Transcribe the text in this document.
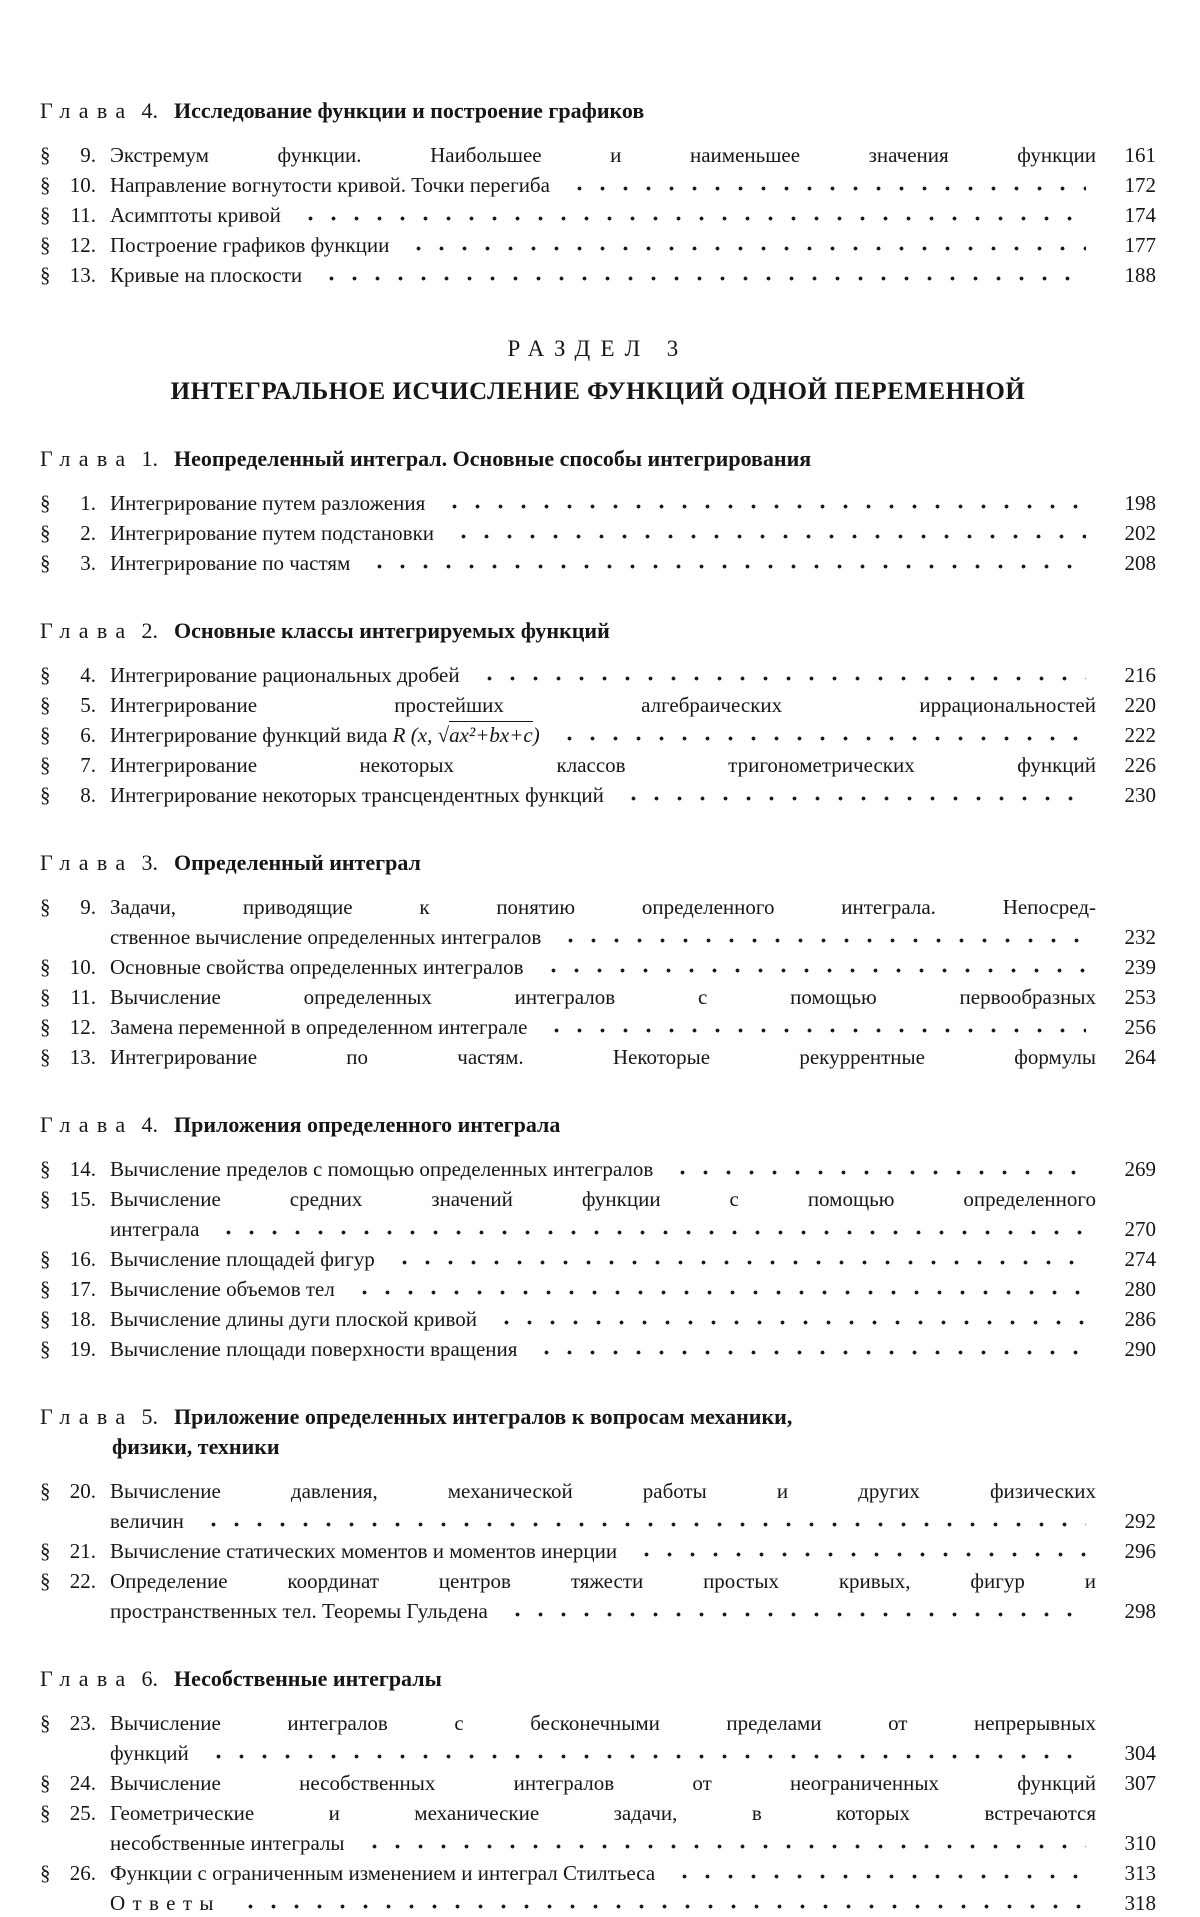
Глава 4. Исследование функции и построение графиков
§	9. Экстремум функции. Наибольшее и наименьшее значения функции	161
§ 10. Направление вогнутости кривой. Точки перегиба	172
§ 11. Асимптоты кривой	174
§ 12. Построение графиков функции	177
§ 13. Кривые на плоскости	188
РАЗДЕЛ 3
ИНТЕГРАЛЬНОЕ ИСЧИСЛЕНИЕ ФУНКЦИЙ ОДНОЙ ПЕРЕМЕННОЙ
Глава 1. Неопределенный интеграл. Основные способы интегрирования
§	1. Интегрирование путем разложения	198
§	2. Интегрирование путем подстановки	202
§	3. Интегрирование по частям	208
Глава 2. Основные классы интегрируемых функций
§	4. Интегрирование рациональных дробей	216
§	5. Интегрирование простейших алгебраических иррациональностей	220
§	6. Интегрирование функций вида R (x, √ax²+bx+c)	222
§	7. Интегрирование некоторых классов тригонометрических функций	226
§	8. Интегрирование некоторых трансцендентных функций	230
Глава 3. Определенный интеграл
§	9. Задачи, приводящие к понятию определенного интеграла. Непосред-
ственное вычисление определенных интегралов	232
§ 10. Основные свойства определенных интегралов	239
§ 11. Вычисление определенных интегралов с помощью первообразных	253
§ 12. Замена переменной в определенном интеграле	256
§ 13. Интегрирование по частям. Некоторые рекуррентные формулы	264
Глава 4. Приложения определенного интеграла
§ 14. Вычисление пределов с помощью определенных интегралов	269
§ 15. Вычисление средних значений функции с помощью определенного
интеграла	270
§ 16. Вычисление площадей фигур	274
§ 17. Вычисление объемов тел	280
§ 18. Вычисление длины дуги плоской кривой	286
§ 19. Вычисление площади поверхности вращения	290
Глава 5. Приложение определенных интегралов к вопросам механики,
физики, техники
§ 20. Вычисление давления, механической работы и других физических
величин	292
§ 21. Вычисление статических моментов и моментов инерции	296
§ 22. Определение координат центров тяжести простых кривых, фигур и
пространственных тел. Теоремы Гульдена	298
Глава 6. Несобственные интегралы
§ 23. Вычисление интегралов с бесконечными пределами от непрерывных
функций	304
§ 24. Вычисление несобственных интегралов от неограниченных функций	307
§ 25. Геометрические и механические задачи, в которых встречаются
несобственные интегралы	310
§ 26. Функции с ограниченным изменением и интеграл Стилтьеса	313
Ответы	318
